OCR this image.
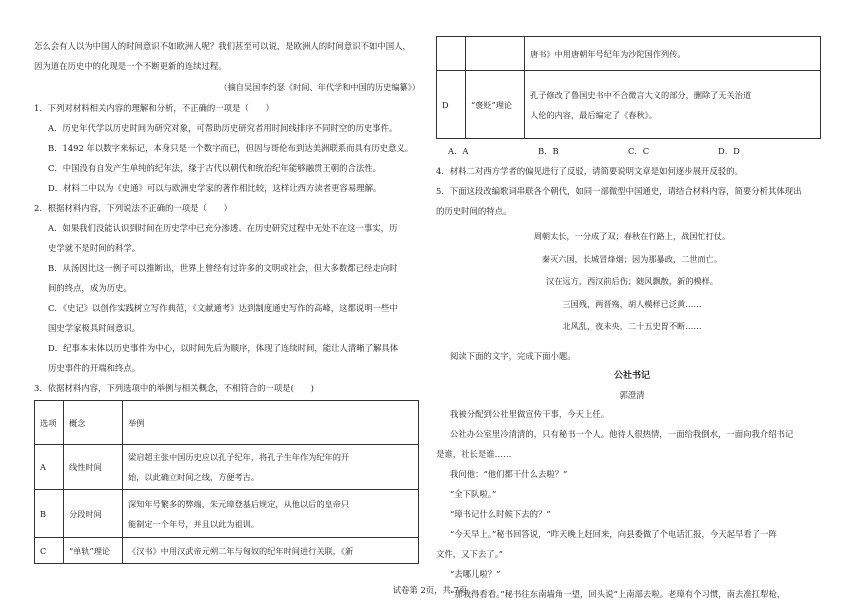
怎么会有人以为中国人的时间意识不如欧洲人呢？我们甚至可以说，是欧洲人的时间意识不如中国人，

因为道在历史中的化现是一个不断更新的连续过程。

（摘自吴国李约瑟《时间、年代学和中国的历史编纂》）

1．下列对材料相关内容的理解和分析，不正确的一项是（　　）

A．历史年代学以历史时间为研究对象，可帮助历史研究者用时间线排序不同时空的历史事件。

B．1492 年以数字来标记，本身只是一个数字而已，但因与哥伦布到达美洲联系而具有历史意义。

C．中国没有自发产生单纯的纪年法，缘于古代以朝代和统治纪年能够融贯王朝的合法性。

D．材料二中以为《史通》可以与欧洲史学家的著作相比较，这样让西方读者更容易理解。

2．根据材料内容，下列说法不正确的一项是（　　）

A．如果我们没能认识到时间在历史学中已充分渗透、在历史研究过程中无处不在这一事实，历

史学就不是时间的科学。

B．从汤因比这一例子可以推断出，世界上曾经有过许多的文明或社会，但大多数都已经走向时

间的终点，成为历史。

C．《史记》以创作实践树立写作典范，《文献通考》达到制度通史写作的高峰，这都说明一些中

国史学家极具时间意识。

D．纪事本末体以历史事件为中心，以时间先后为顺序，体现了连续时间，能让人清晰了解具体

历史事件的开端和终点。

3．依据材料内容，下列选项中的举例与相关概念，不相符合的一项是(　　)

选项	概念	举例
A	线性时间	梁启超主张中国历史应以孔子纪年，将孔子生年作为纪年的开
始，以此确立时间之线，方便考古。

B	分段时间	深知年号繁多的弊端，朱元璋登基后规定，从他以后的皇帝只
能制定一个年号，并且以此为祖训。

C	“单轨”理论	《汉书》中用汉武帝元朔二年与匈奴的纪年时间进行关联，《新

		唐书》中用唐朝年号纪年为沙陀国作列传。

D	“褒贬”理论	孔子修改了鲁国史书中不合微言大义的部分，删除了无关治道
人伦的内容，最后编定了《春秋》。
A．A	B．B	C．C	D．D

4．材料二对西方学者的偏见进行了反驳，请简要说明文章是如何逐步展开反驳的。

5．下面这段改编歌词串联各个朝代，如同一部微型中国通史，请结合材料内容，简要分析其体现出

的历史时间的特点。

周朝太长，一分成了双；春秋在行路上，战国忙打仗。

秦灭六国，长城冒烽烟；因为那暴政，二世而亡。

汉在远方，西汉前后伤；随风飘散，新的模样。

三国残，两晋殇，胡人模样已泛黄……

北风乱，夜未央，二十五史胃不断……

阅读下面的文字，完成下面小题。

公社书记

郭澄清

我被分配到公社里做宣传干事，今天上任。

公社办公室里冷清清的，只有秘书一个人。他待人很热情，一面给我倒水，一面向我介绍书记

是谁，社长是谁……

我问他：“他们都干什么去啦？”

“全下队啦。”

“璋书记什么时候下去的？”

“今天早上。”秘书回答说，“昨天晚上赶回来，向县委做了个电话汇报，今天起早看了一阵

文件，又下去了。”

“去哪儿啦？”

“那我得看看。”秘书往东南墙角一望，回头说“上南部去啦。老璋有个习惯，南去准扛犁枪，

试卷第 2页，共 7页
